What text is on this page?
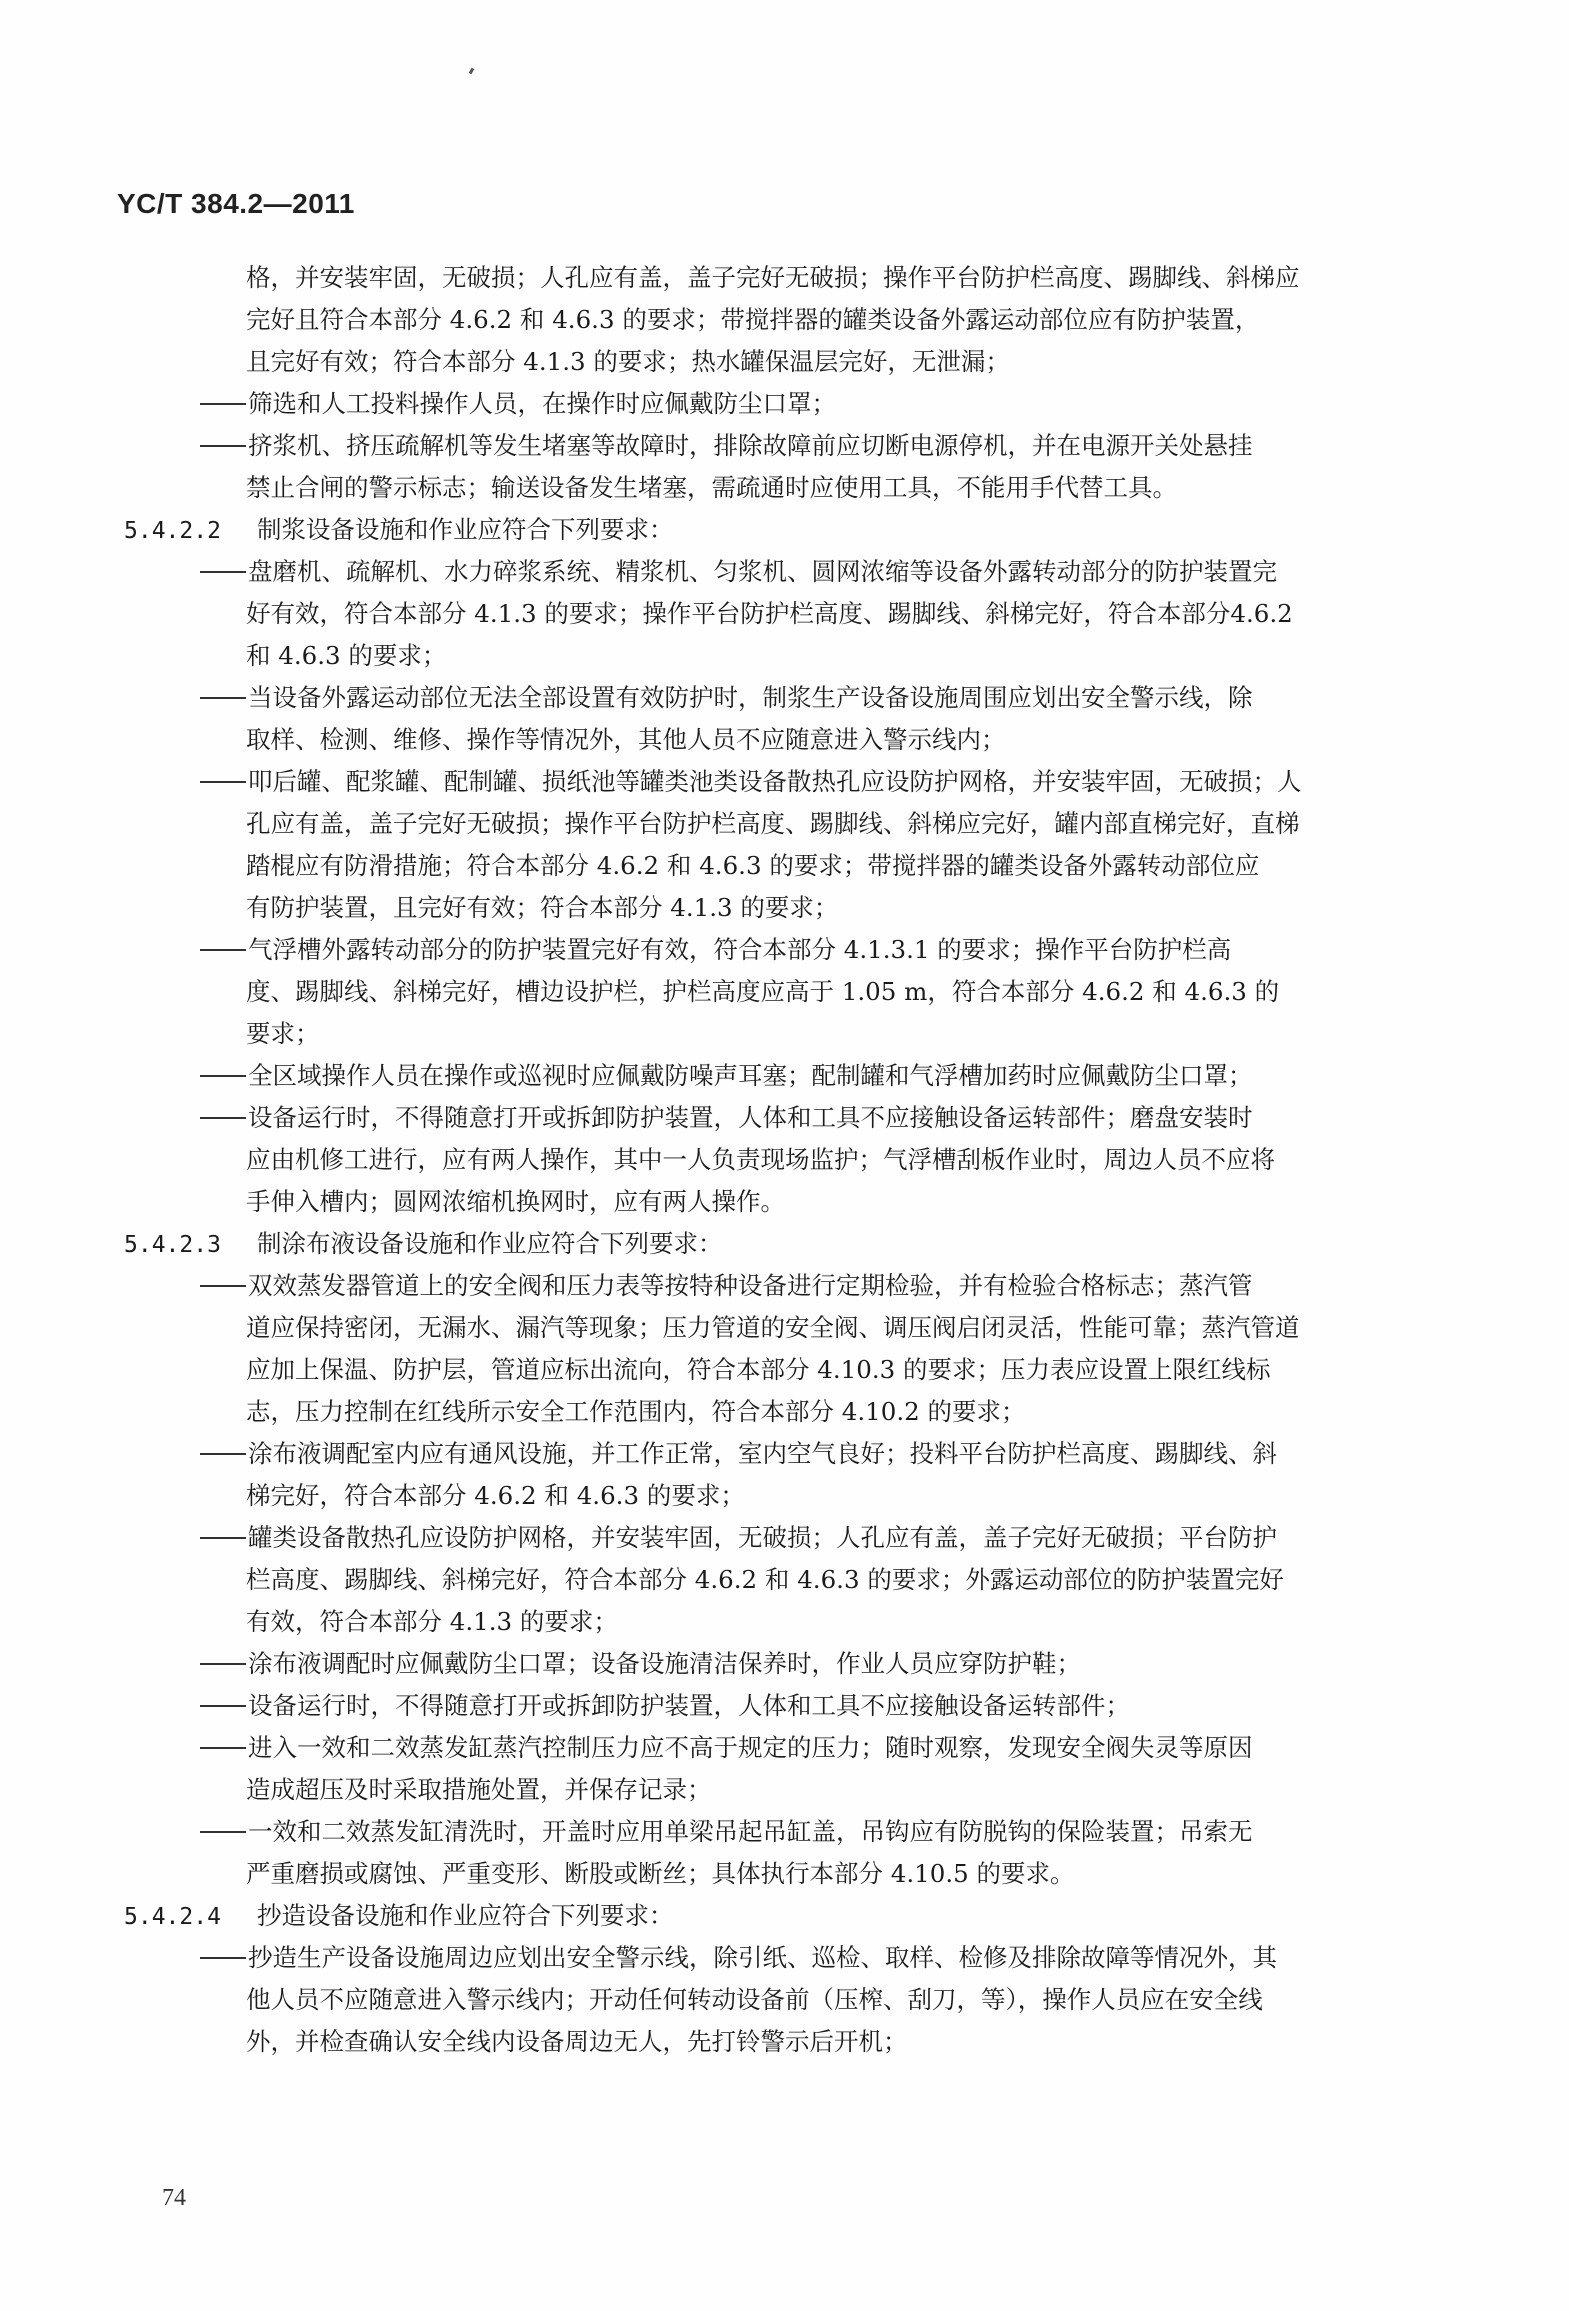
YC/T 384.2—2011
格，并安装牢固，无破损；人孔应有盖，盖子完好无破损；操作平台防护栏高度、踢脚线、斜梯应
完好且符合本部分 4.6.2 和 4.6.3 的要求；带搅拌器的罐类设备外露运动部位应有防护装置，
且完好有效；符合本部分 4.1.3 的要求；热水罐保温层完好，无泄漏；
筛选和人工投料操作人员，在操作时应佩戴防尘口罩；
挤浆机、挤压疏解机等发生堵塞等故障时，排除故障前应切断电源停机，并在电源开关处悬挂
禁止合闸的警示标志；输送设备发生堵塞，需疏通时应使用工具，不能用手代替工具。
5.4.2.2 制浆设备设施和作业应符合下列要求：
盘磨机、疏解机、水力碎浆系统、精浆机、匀浆机、圆网浓缩等设备外露转动部分的防护装置完
好有效，符合本部分 4.1.3 的要求；操作平台防护栏高度、踢脚线、斜梯完好，符合本部分4.6.2
和 4.6.3 的要求；
当设备外露运动部位无法全部设置有效防护时，制浆生产设备设施周围应划出安全警示线，除
取样、检测、维修、操作等情况外，其他人员不应随意进入警示线内；
叩后罐、配浆罐、配制罐、损纸池等罐类池类设备散热孔应设防护网格，并安装牢固，无破损；人
孔应有盖，盖子完好无破损；操作平台防护栏高度、踢脚线、斜梯应完好，罐内部直梯完好，直梯
踏棍应有防滑措施；符合本部分 4.6.2 和 4.6.3 的要求；带搅拌器的罐类设备外露转动部位应
有防护装置，且完好有效；符合本部分 4.1.3 的要求；
气浮槽外露转动部分的防护装置完好有效，符合本部分 4.1.3.1 的要求；操作平台防护栏高
度、踢脚线、斜梯完好，槽边设护栏，护栏高度应高于 1.05 m，符合本部分 4.6.2 和 4.6.3 的
要求；
全区域操作人员在操作或巡视时应佩戴防噪声耳塞；配制罐和气浮槽加药时应佩戴防尘口罩；
设备运行时，不得随意打开或拆卸防护装置，人体和工具不应接触设备运转部件；磨盘安装时
应由机修工进行，应有两人操作，其中一人负责现场监护；气浮槽刮板作业时，周边人员不应将
手伸入槽内；圆网浓缩机换网时，应有两人操作。
5.4.2.3 制涂布液设备设施和作业应符合下列要求：
双效蒸发器管道上的安全阀和压力表等按特种设备进行定期检验，并有检验合格标志；蒸汽管
道应保持密闭，无漏水、漏汽等现象；压力管道的安全阀、调压阀启闭灵活，性能可靠；蒸汽管道
应加上保温、防护层，管道应标出流向，符合本部分 4.10.3 的要求；压力表应设置上限红线标
志，压力控制在红线所示安全工作范围内，符合本部分 4.10.2 的要求；
涂布液调配室内应有通风设施，并工作正常，室内空气良好；投料平台防护栏高度、踢脚线、斜
梯完好，符合本部分 4.6.2 和 4.6.3 的要求；
罐类设备散热孔应设防护网格，并安装牢固，无破损；人孔应有盖，盖子完好无破损；平台防护
栏高度、踢脚线、斜梯完好，符合本部分 4.6.2 和 4.6.3 的要求；外露运动部位的防护装置完好
有效，符合本部分 4.1.3 的要求；
涂布液调配时应佩戴防尘口罩；设备设施清洁保养时，作业人员应穿防护鞋；
设备运行时，不得随意打开或拆卸防护装置，人体和工具不应接触设备运转部件；
进入一效和二效蒸发缸蒸汽控制压力应不高于规定的压力；随时观察，发现安全阀失灵等原因
造成超压及时采取措施处置，并保存记录；
一效和二效蒸发缸清洗时，开盖时应用单梁吊起吊缸盖，吊钩应有防脱钩的保险装置；吊索无
严重磨损或腐蚀、严重变形、断股或断丝；具体执行本部分 4.10.5 的要求。
5.4.2.4 抄造设备设施和作业应符合下列要求：
抄造生产设备设施周边应划出安全警示线，除引纸、巡检、取样、检修及排除故障等情况外，其
他人员不应随意进入警示线内；开动任何转动设备前（压榨、刮刀，等），操作人员应在安全线
外，并检查确认安全线内设备周边无人，先打铃警示后开机；
74
